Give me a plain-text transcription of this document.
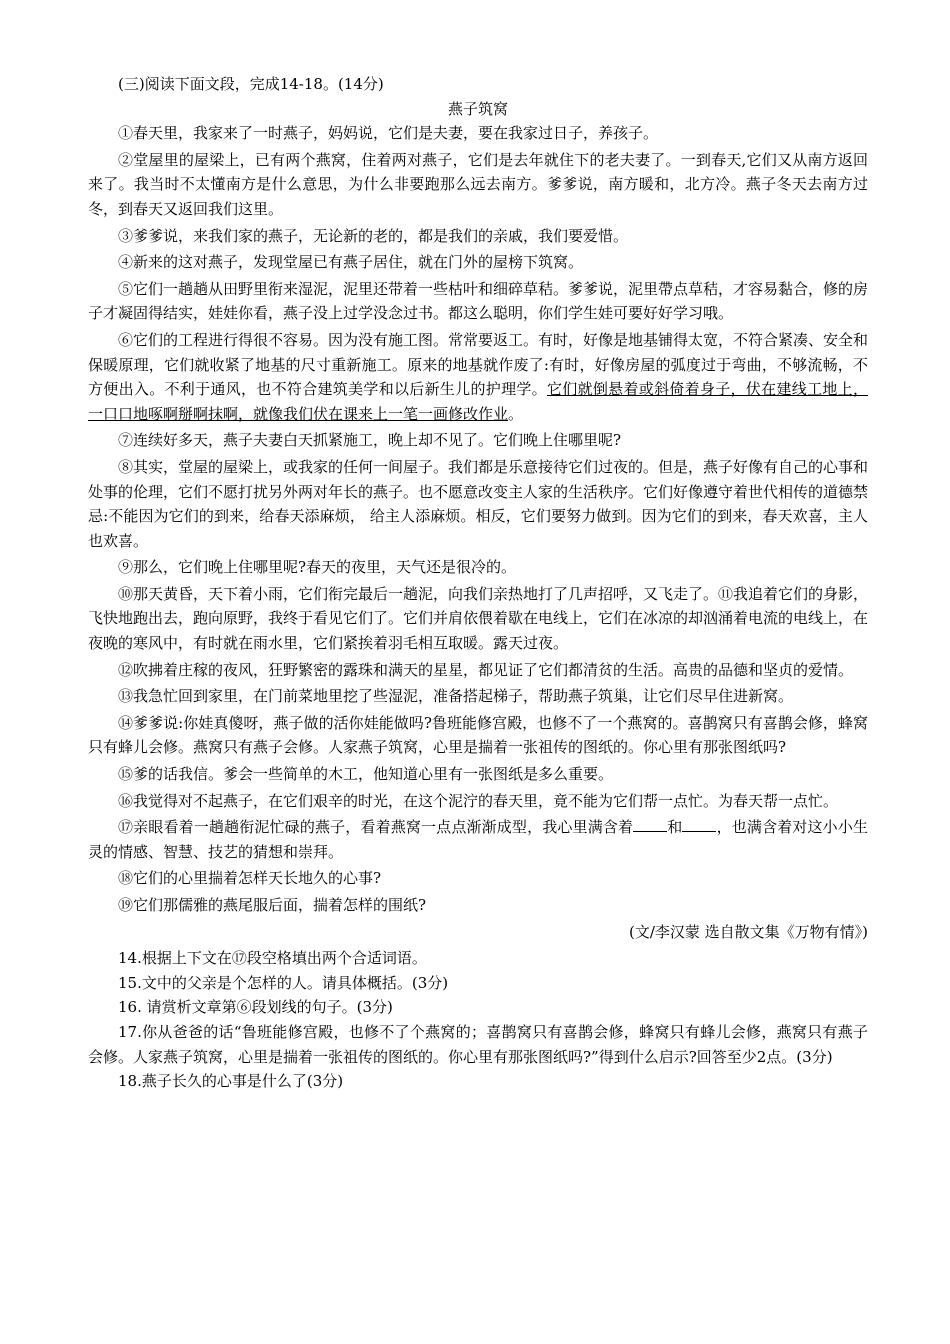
(三)阅读下面文段，完成14-18。(14分)

燕子筑窝

①春天里，我家来了一时燕子，妈妈说，它们是夫妻，要在我家过日子，养孩子。

②堂屋里的屋梁上，已有两个燕窝，住着两对燕子，它们是去年就住下的老夫妻了。一到春天,它们又从南方返回来了。我当时不太懂南方是什么意思，为什么非要跑那么远去南方。爹爹说，南方暖和，北方冷。燕子冬天去南方过冬，到春天又返回我们这里。

③爹爹说，来我们家的燕子，无论新的老的，都是我们的亲戚，我们要爱惜。

④新来的这对燕子，发现堂屋已有燕子居住，就在门外的屋榜下筑窝。

⑤它们一趟趟从田野里衔来湿泥，泥里还带着一些枯叶和细碎草秸。爹爹说，泥里帶点草秸，才容易黏合，修的房子才凝固得结实，娃娃你看，燕子没上过学没念过书。都这么聪明，你们学生娃可要好好学习哦。

⑥它们的工程进行得很不容易。因为没有施工图。常常要返工。有时，好像是地基铺得太宽，不符合紧凑、安全和保暖原理，它们就收紧了地基的尺寸重新施工。原来的地基就作废了:有时，好像房屋的弧度过于弯曲，不够流畅，不方便出入。不利于通风，也不符合建筑美学和以后新生儿的护理学。它们就倒悬着或斜倚着身子，伏在建线工地上，一口口地啄啊掰啊抹啊，就像我们伏在课来上一笔一画修改作业。

⑦连续好多天，燕子夫妻白天抓紧施工，晚上却不见了。它们晚上住哪里呢?

⑧其实，堂屋的屋梁上，或我家的任何一间屋子。我们都是乐意接待它们过夜的。但是，燕子好像有自己的心事和处事的伦理，它们不愿打扰另外两对年长的燕子。也不愿意改变主人家的生活秩序。它们好像遵守着世代相传的道德禁忌:不能因为它们的到来，给春天添麻烦， 给主人添麻烦。相反，它们要努力做到。因为它们的到来，春天欢喜，主人也欢喜。

⑨那么，它们晚上住哪里呢?春天的夜里，天气还是很冷的。

⑩那天黄昏，天下着小雨，它们衔完最后一趟泥，向我们亲热地打了几声招呼，又飞走了。⑪我追着它们的身影，飞快地跑出去，跑向原野，我终于看见它们了。它们并肩依偎着歇在电线上，它们在冰凉的却汹涌着电流的电线上，在夜晚的寒风中，有时就在雨水里，它们紧挨着羽毛相互取暖。露天过夜。

⑫吹拂着庄稼的夜风，狂野繁密的露珠和满天的星星，都见证了它们都清贫的生活。高贵的品德和坚贞的爱情。

⑬我急忙回到家里，在门前菜地里挖了些湿泥，准备搭起梯子，帮助燕子筑巢，让它们尽早住进新窝。

⑭爹爹说:你娃真傻呀，燕子做的活你娃能做吗?鲁班能修宫殿，也修不了一个燕窝的。喜鹊窝只有喜鹊会修，蜂窝只有蜂儿会修。燕窝只有燕子会修。人家燕子筑窝，心里是揣着一张祖传的图纸的。你心里有那张图纸吗?

⑮爹的话我信。爹会一些简单的木工，他知道心里有一张图纸是多么重要。

⑯我觉得对不起燕子，在它们艰辛的时光，在这个泥泞的春天里，竟不能为它们帮一点忙。为春天帮一点忙。

⑰亲眼看着一趟趟衔泥忙碌的燕子，看着燕窝一点点渐渐成型，我心里满含着 和 ，也满含着对这小小生灵的情感、智慧、技艺的猜想和崇拜。

⑱它们的心里揣着怎样天长地久的心事?

⑲它们那儒雅的燕尾服后面，揣着怎样的围纸?

(文/李汉蒙 选自散文集《万物有情》)

14.根据上下文在⑰段空格填出两个合适词语。

15.文中的父亲是个怎样的人。请具体概括。(3分)

16. 请赏析文章第⑥段划线的句子。(3分)

17.你从爸爸的话“鲁班能修宫殿，也修不了个燕窝的；喜鹊窝只有喜鹊会修，蜂窝只有蜂儿会修，燕窝只有燕子会修。人家燕子筑窝，心里是揣着一张祖传的图纸的。你心里有那张图纸吗?”得到什么启示?回答至少2点。(3分)

18.燕子长久的心事是什么了(3分)
